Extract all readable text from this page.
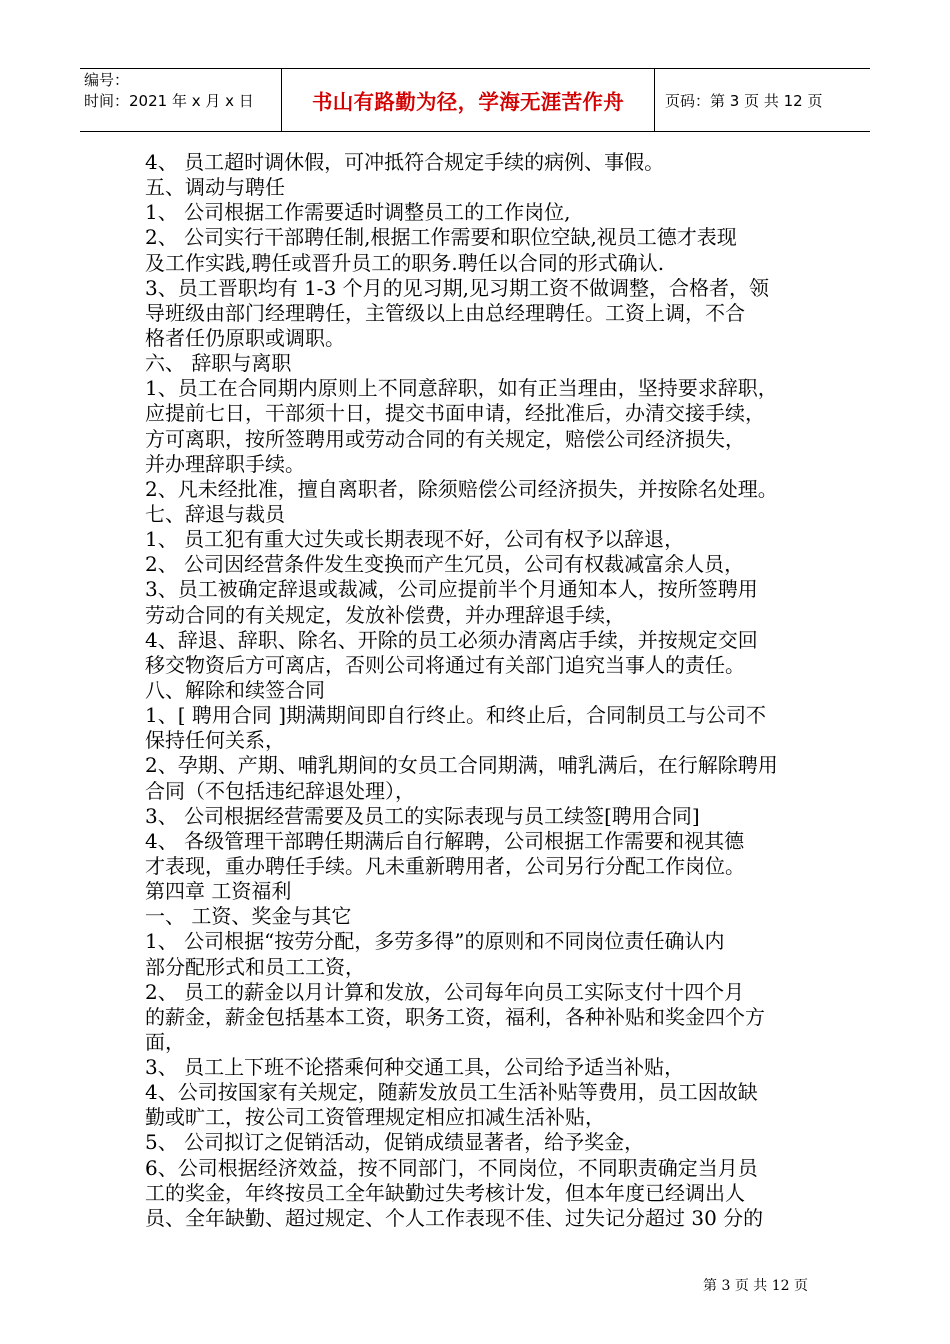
编号：
时间：2021 年 x 月 x 日	书山有路勤为径，学海无涯苦作舟	页码：第 3 页 共 12 页
4、 员工超时调休假，可冲抵符合规定手续的病例、事假。
五、调动与聘任
1、 公司根据工作需要适时调整员工的工作岗位,
2、 公司实行干部聘任制,根据工作需要和职位空缺,视员工德才表现
及工作实践,聘任或晋升员工的职务.聘任以合同的形式确认.
3、员工晋职均有 1-3 个月的见习期,见习期工资不做调整，合格者，领
导班级由部门经理聘任，主管级以上由总经理聘任。工资上调，不合
格者任仍原职或调职。
六、 辞职与离职
1、员工在合同期内原则上不同意辞职，如有正当理由，坚持要求辞职，
应提前七日，干部须十日，提交书面申请，经批准后，办清交接手续，
方可离职，按所签聘用或劳动合同的有关规定，赔偿公司经济损失，
并办理辞职手续。
2、凡未经批准，擅自离职者，除须赔偿公司经济损失，并按除名处理。
七、辞退与裁员
1、 员工犯有重大过失或长期表现不好，公司有权予以辞退，
2、 公司因经营条件发生变换而产生冗员，公司有权裁减富余人员，
3、员工被确定辞退或裁减，公司应提前半个月通知本人，按所签聘用
劳动合同的有关规定，发放补偿费，并办理辞退手续，
4、辞退、辞职、除名、开除的员工必须办清离店手续，并按规定交回
移交物资后方可离店，否则公司将通过有关部门追究当事人的责任。
八、解除和续签合同
1、[ 聘用合同 ]期满期间即自行终止。和终止后，合同制员工与公司不
保持任何关系，
2、孕期、产期、哺乳期间的女员工合同期满，哺乳满后，在行解除聘用
合同（不包括违纪辞退处理），
3、 公司根据经营需要及员工的实际表现与员工续签[聘用合同]
4、 各级管理干部聘任期满后自行解聘，公司根据工作需要和视其德
才表现，重办聘任手续。凡未重新聘用者，公司另行分配工作岗位。
第四章 工资福利
一、 工资、奖金与其它
1、 公司根据“按劳分配，多劳多得”的原则和不同岗位责任确认内
部分配形式和员工工资，
2、 员工的薪金以月计算和发放，公司每年向员工实际支付十四个月
的薪金，薪金包括基本工资，职务工资，福利，各种补贴和奖金四个方
面，
3、 员工上下班不论搭乘何种交通工具，公司给予适当补贴，
4、公司按国家有关规定，随薪发放员工生活补贴等费用，员工因故缺
勤或旷工，按公司工资管理规定相应扣减生活补贴，
5、 公司拟订之促销活动，促销成绩显著者，给予奖金，
6、公司根据经济效益，按不同部门，不同岗位，不同职责确定当月员
工的奖金，年终按员工全年缺勤过失考核计发，但本年度已经调出人
员、全年缺勤、超过规定、个人工作表现不佳、过失记分超过 30 分的
第 3 页 共 12 页
